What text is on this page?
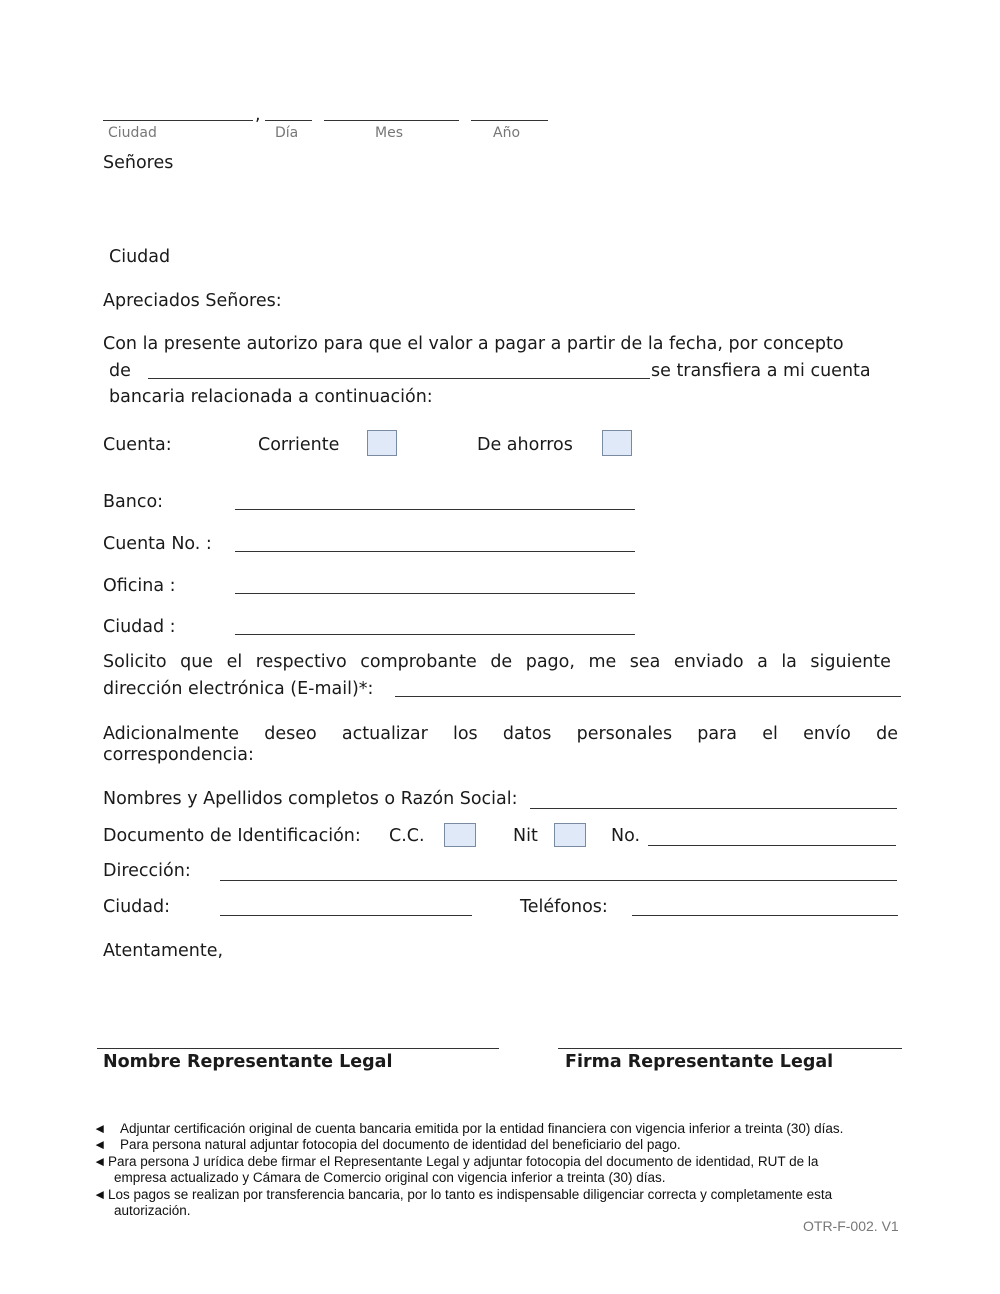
,
Ciudad	Día	Mes	Año
Señores
Ciudad
Apreciados Señores:
Con la presente autorizo para que el valor a pagar a partir de la fecha, por concepto
de	se transfiera a mi cuenta
bancaria relacionada a continuación:
Cuenta:	Corriente	De ahorros
Banco:
Cuenta No. :
Oficina :
Ciudad :
Solicito que el respectivo comprobante de pago, me sea enviado a la siguiente
dirección electrónica (E-mail)*:
Adicionalmente deseo actualizar los datos personales para el envío de
correspondencia:
Nombres y Apellidos completos o Razón Social:
Documento de Identificación: C.C.	Nit	No.
Dirección:
Ciudad:	Teléfonos:
Atentamente,
Nombre Representante Legal	Firma Representante Legal
◄ Adjuntar certificación original de cuenta bancaria emitida por la entidad financiera con vigencia inferior a treinta (30) días.
◄ Para persona natural adjuntar fotocopia del documento de identidad del beneficiario del pago.
◄ Para persona J urídica debe firmar el Representante Legal y adjuntar fotocopia del documento de identidad, RUT de la
empresa actualizado y Cámara de Comercio original con vigencia inferior a treinta (30) días.
◄ Los pagos se realizan por transferencia bancaria, por lo tanto es indispensable diligenciar correcta y completamente esta
autorización.
OTR-F-002. V1
